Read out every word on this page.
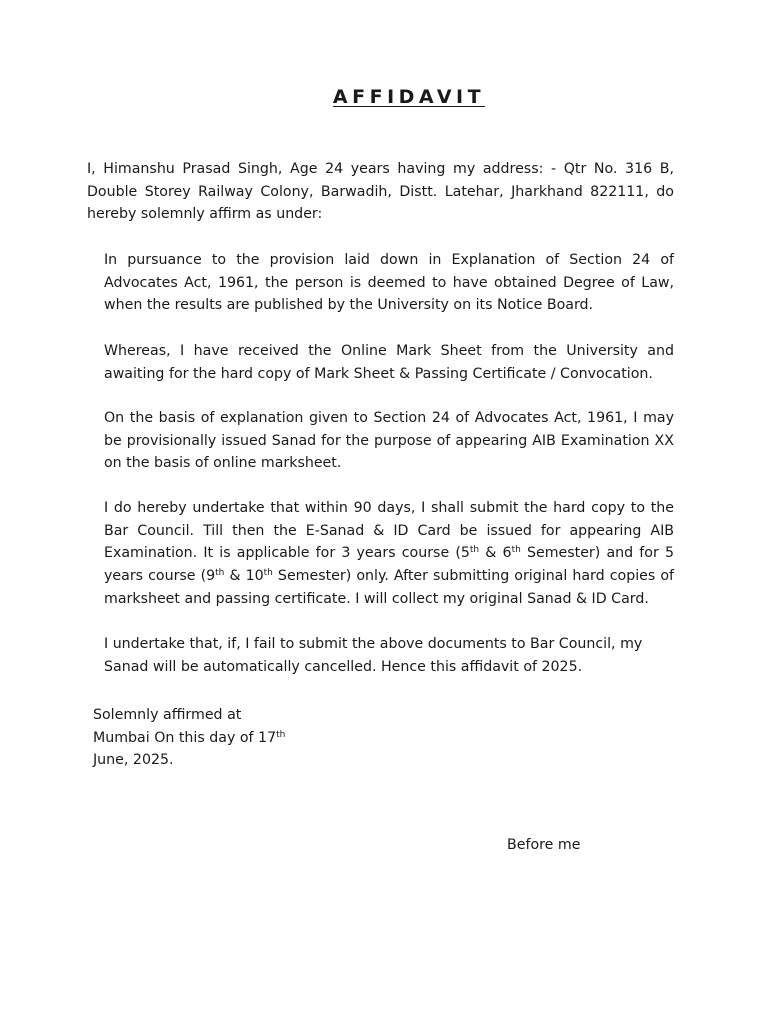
AFFIDAVIT

I, Himanshu Prasad Singh, Age 24 years having my address: - Qtr No. 316 B, Double Storey Railway Colony, Barwadih, Distt. Latehar, Jharkhand 822111, do hereby solemnly affirm as under:

In pursuance to the provision laid down in Explanation of Section 24 of Advocates Act, 1961, the person is deemed to have obtained Degree of Law, when the results are published by the University on its Notice Board.

Whereas, I have received the Online Mark Sheet from the University and awaiting for the hard copy of Mark Sheet & Passing Certificate / Convocation.

On the basis of explanation given to Section 24 of Advocates Act, 1961, I may be provisionally issued Sanad for the purpose of appearing AIB Examination XX on the basis of online marksheet.

I do hereby undertake that within 90 days, I shall submit the hard copy to the Bar Council. Till then the E-Sanad & ID Card be issued for appearing AIB Examination. It is applicable for 3 years course (5th & 6th Semester) and for 5 years course (9th & 10th Semester) only. After submitting original hard copies of marksheet and passing certificate. I will collect my original Sanad & ID Card.

I undertake that, if, I fail to submit the above documents to Bar Council, my Sanad will be automatically cancelled. Hence this affidavit of 2025.

Solemnly affirmed at
Mumbai On this day of 17th
June, 2025.

Before me
